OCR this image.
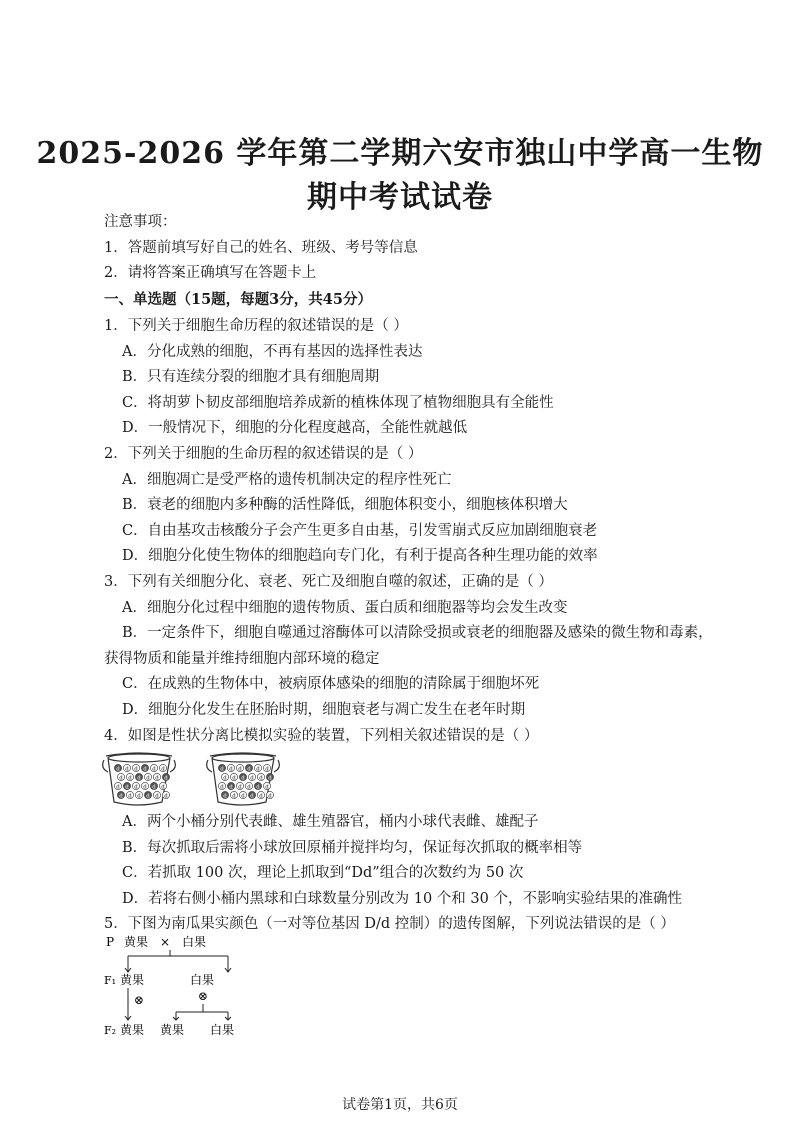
2025-2026 学年第二学期六安市独山中学高一生物
期中考试试卷
注意事项：
1．答题前填写好自己的姓名、班级、考号等信息
2．请将答案正确填写在答题卡上
一、单选题（15题，每题3分，共45分）
1．下列关于细胞生命历程的叙述错误的是（ ）
A．分化成熟的细胞，不再有基因的选择性表达
B．只有连续分裂的细胞才具有细胞周期
C．将胡萝卜韧皮部细胞培养成新的植株体现了植物细胞具有全能性
D．一般情况下，细胞的分化程度越高，全能性就越低
2．下列关于细胞的生命历程的叙述错误的是（ ）
A．细胞凋亡是受严格的遗传机制决定的程序性死亡
B．衰老的细胞内多种酶的活性降低，细胞体积变小，细胞核体积增大
C．自由基攻击核酸分子会产生更多自由基，引发雪崩式反应加剧细胞衰老
D．细胞分化使生物体的细胞趋向专门化，有利于提高各种生理功能的效率
3．下列有关细胞分化、衰老、死亡及细胞自噬的叙述，正确的是（ ）
A．细胞分化过程中细胞的遗传物质、蛋白质和细胞器等均会发生改变
B．一定条件下，细胞自噬通过溶酶体可以清除受损或衰老的细胞器及感染的微生物和毒素，
获得物质和能量并维持细胞内部环境的稳定
C．在成熟的生物体中，被病原体感染的细胞的清除属于细胞坏死
D．细胞分化发生在胚胎时期，细胞衰老与凋亡发生在老年时期
4．如图是性状分离比模拟实验的装置，下列相关叙述错误的是（ ）
d d d d d d
d d d d d d
d d d d d d
d d d d d d
d d d d d d
d d d d d d
d d d d d d
d d d d d d
A．两个小桶分别代表雌、雄生殖器官，桶内小球代表雌、雄配子
B．每次抓取后需将小球放回原桶并搅拌均匀，保证每次抓取的概率相等
C．若抓取 100 次，理论上抓取到“Dd”组合的次数约为 50 次
D．若将右侧小桶内黑球和白球数量分别改为 10 个和 30 个，不影响实验结果的准确性
5．下图为南瓜果实颜色（一对等位基因 D/d 控制）的遗传图解，下列说法错误的是（ ）
P 黄果 × 白果
F₁ 黄果	白果
⊗	⊗
F₂ 黄果 黄果 白果
试卷第1页，共6页
